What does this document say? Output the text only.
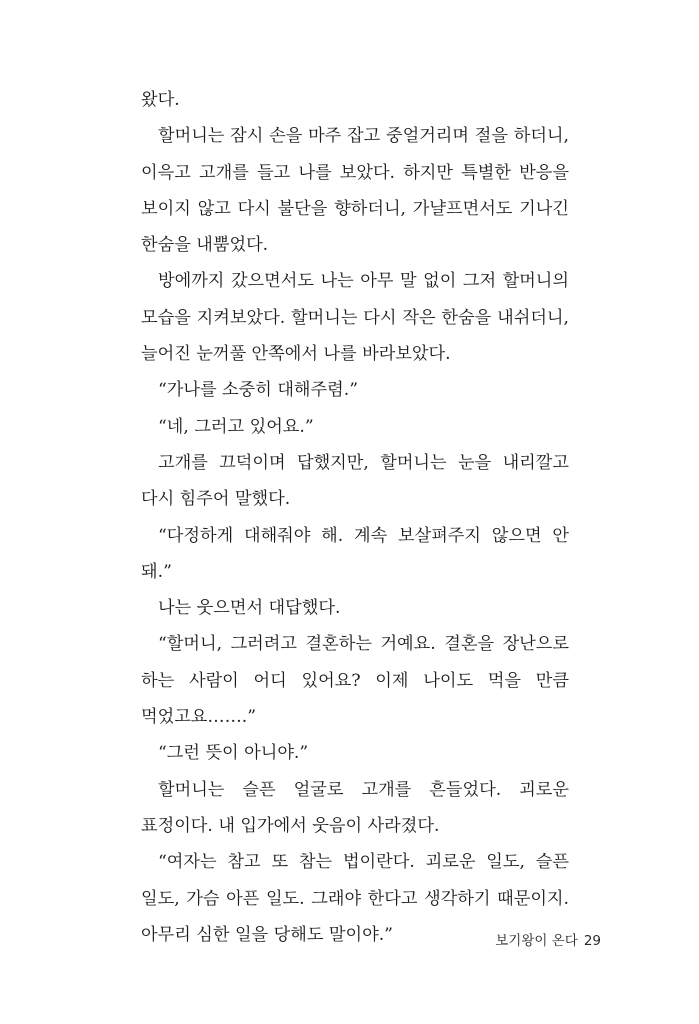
왔다.

할머니는 잠시 손을 마주 잡고 중얼거리며 절을 하더니, 이윽고 고개를 들고 나를 보았다. 하지만 특별한 반응을 보이지 않고 다시 불단을 향하더니, 가냘프면서도 기나긴 한숨을 내뿜었다.

방에까지 갔으면서도 나는 아무 말 없이 그저 할머니의 모습을 지켜보았다. 할머니는 다시 작은 한숨을 내쉬더니, 늘어진 눈꺼풀 안쪽에서 나를 바라보았다.

“가나를 소중히 대해주렴.”

“네, 그러고 있어요.”

고개를 끄덕이며 답했지만, 할머니는 눈을 내리깔고 다시 힘주어 말했다.

“다정하게 대해줘야 해. 계속 보살펴주지 않으면 안 돼.”

나는 웃으면서 대답했다.

“할머니, 그러려고 결혼하는 거예요. 결혼을 장난으로 하는 사람이 어디 있어요? 이제 나이도 먹을 만큼 먹었고요…….”

“그런 뜻이 아니야.”

할머니는 슬픈 얼굴로 고개를 흔들었다. 괴로운 표정이다. 내 입가에서 웃음이 사라졌다.

“여자는 참고 또 참는 법이란다. 괴로운 일도, 슬픈 일도, 가슴 아픈 일도. 그래야 한다고 생각하기 때문이지. 아무리 심한 일을 당해도 말이야.”	보기왕이 온다 29
